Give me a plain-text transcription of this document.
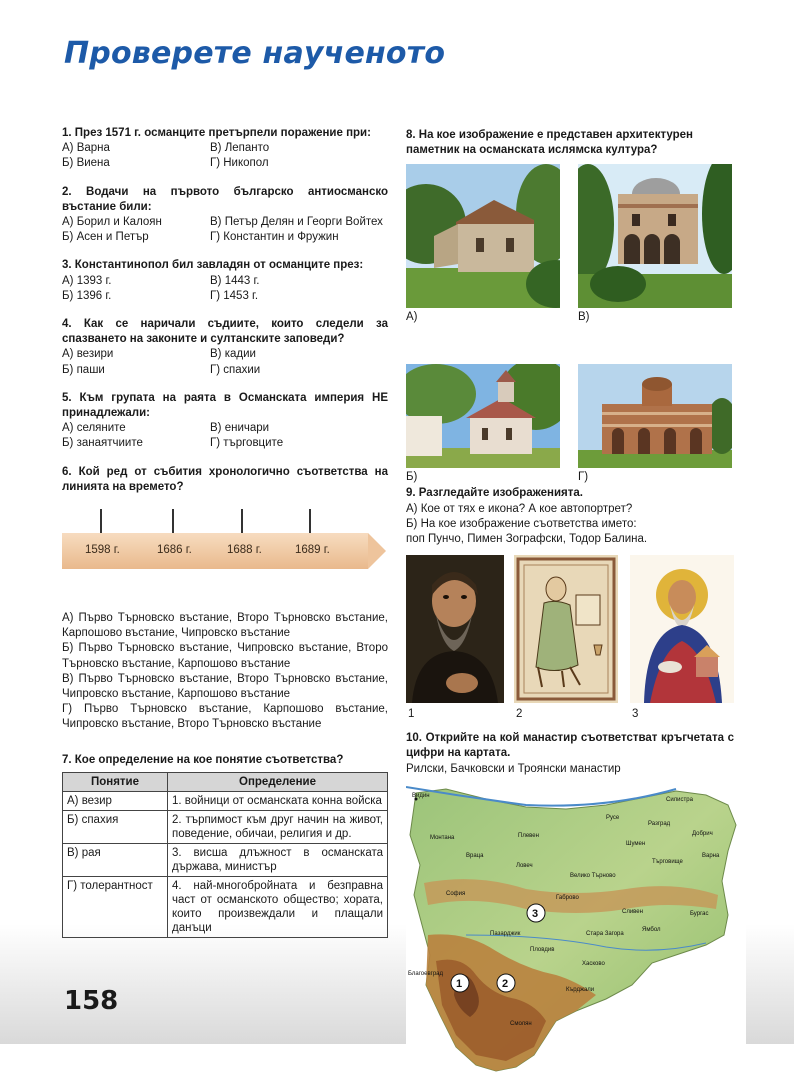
Проверете наученото
1. През 1571 г. османците претърпели поражение при:
А) Варна	В) Лепанто
Б) Виена	Г) Никопол
2. Водачи на първото българско антиосманско въстание били:
А) Борил и Калоян	В) Петър Делян и Георги Войтех
Б) Асен и Петър	Г) Константин и Фружин
3. Константинопол бил завладян от османците през:
А) 1393 г.	В) 1443 г.
Б) 1396 г.	Г) 1453 г.
4. Как се наричали съдиите, които следели за спазването на законите и султанските заповеди?
А) везири	В) кадии
Б) паши	Г) спахии
5. Към групата на раята в Османската империя НЕ принадлежали:
А) селяните	В) еничари
Б) занаятчиите	Г) търговците
6. Кой ред от събития хронологично съответства на линията на времето?
1598 г.	1686 г.	1688 г.	1689 г.
А) Първо Търновско въстание, Второ Търновско въстание, Карпошово въстание, Чипровско въстание
Б) Първо Търновско въстание, Чипровско въстание, Второ Търновско въстание, Карпошово въстание
В) Първо Търновско въстание, Второ Търновско въстание, Чипровско въстание, Карпошово въстание
Г) Първо Търновско въстание, Карпошово въстание, Чипровско въстание, Второ Търновско въстание
7. Кое определение на кое понятие съответства?
Понятие	Определение
А) везир	1. войници от османската конна войска
Б) спахия	2. търпимост към друг начин на живот, поведение, обичаи, религия и др.
В) рая	3. висша длъжност в османската държава, министър
Г) толерантност	4. най-многобройната и безправна част от османското общество; хората, които произвеждали и плащали данъци
8. На кое изображение е представен архитектурен паметник на османската ислямска култура?
А)	В)
Б)	Г)
9. Разгледайте изображенията.
А) Кое от тях е икона? А кое автопортрет?
Б) На кое изображение съответства името:
поп Пунчо, Пимен Зографски, Тодор Балина.
1	2	3
10. Открийте на кой манастир съответстват кръгчетата с цифри на картата.
Рилски, Бачковски и Троянски манастир
1	2
3
Видин
Силистра
Русе
Добрич
Монтана	Плевен
Шумен
Варна
Враца
Ловеч
Велико Търново
София
Сливен	Бургас
Пловдив
Стара Загора
Ямбол
Хасково
Кърджали
Благоевград
Пазарджик
Смолян
Габрово
Разград
Търговище
158
